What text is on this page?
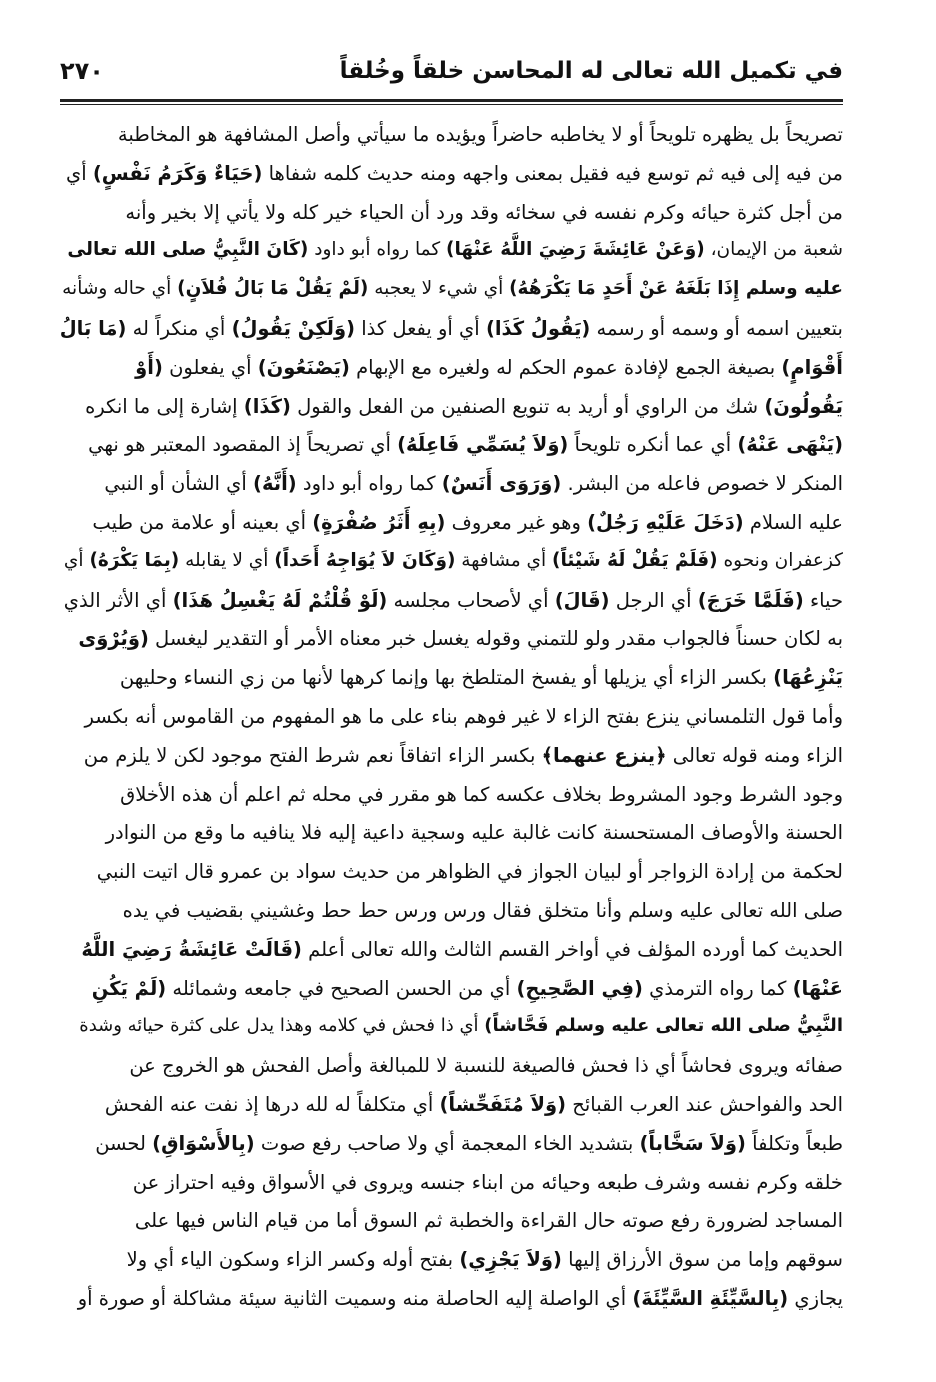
في تكميل الله تعالى له المحاسن خلقاً وخُلقاً
٢٧٠
تصريحاً بل يظهره تلويحاً أو لا يخاطبه حاضراً ويؤيده ما سيأتي وأصل المشافهة هو المخاطبة
من فيه إلى فيه ثم توسع فيه فقيل بمعنى واجهه ومنه حديث كلمه شفاها (حَيَاءٌ وَكَرَمُ نَفْسٍ) أي
من أجل كثرة حيائه وكرم نفسه في سخائه وقد ورد أن الحياء خير كله ولا يأتي إلا بخير وأنه
شعبة من الإيمان، (وَعَنْ عَائِشَةَ رَضِيَ اللَّهُ عَنْهَا) كما رواه أبو داود (كَانَ النَّبِيُّ صلى الله تعالى
عليه وسلم إِذَا بَلَغَهُ عَنْ أَحَدٍ مَا يَكْرَهُهُ) أي شيء لا يعجبه (لَمْ يَقُلْ مَا بَالُ فُلاَنٍ) أي حاله وشأنه
بتعيين اسمه أو وسمه أو رسمه (يَقُولُ كَذَا) أي أو يفعل كذا (وَلَكِنْ يَقُولُ) أي منكراً له (مَا بَالُ
أَقْوَامٍ) بصيغة الجمع لإفادة عموم الحكم له ولغيره مع الإبهام (يَصْنَعُونَ) أي يفعلون (أَوْ
يَقُولُونَ) شك من الراوي أو أريد به تنويع الصنفين من الفعل والقول (كَذَا) إشارة إلى ما انكره
(يَنْهَى عَنْهُ) أي عما أنكره تلويحاً (وَلاَ يُسَمِّي فَاعِلَهُ) أي تصريحاً إذ المقصود المعتبر هو نهي
المنكر لا خصوص فاعله من البشر. (وَرَوَى أَنَسٌ) كما رواه أبو داود (أَنَّهُ) أي الشأن أو النبي
عليه السلام (دَخَلَ عَلَيْهِ رَجُلٌ) وهو غير معروف (بِهِ أَثَرُ صُفْرَةٍ) أي بعينه أو علامة من طيب
كزعفران ونحوه (فَلَمْ يَقُلْ لَهُ شَيْئاً) أي مشافهة (وَكَانَ لاَ يُوَاجِهُ أَحَداً) أي لا يقابله (بِمَا يَكْرَهُ) أي
حياء (فَلَمَّا خَرَجَ) أي الرجل (قَالَ) أي لأصحاب مجلسه (لَوْ قُلْتُمْ لَهُ يَغْسِلُ هَذَا) أي الأثر الذي
به لكان حسناً فالجواب مقدر ولو للتمني وقوله يغسل خبر معناه الأمر أو التقدير ليغسل (وَيُرْوَى
يَنْزِعُهَا) بكسر الزاء أي يزيلها أو يفسخ المتلطخ بها وإنما كرهها لأنها من زي النساء وحليهن
وأما قول التلمساني ينزع بفتح الزاء لا غير فوهم بناء على ما هو المفهوم من القاموس أنه بكسر
الزاء ومنه قوله تعالى ﴿ينزع عنهما﴾ بكسر الزاء اتفاقاً نعم شرط الفتح موجود لكن لا يلزم من
وجود الشرط وجود المشروط بخلاف عكسه كما هو مقرر في محله ثم اعلم أن هذه الأخلاق
الحسنة والأوصاف المستحسنة كانت غالبة عليه وسجية داعية إليه فلا ينافيه ما وقع من النوادر
لحكمة من إرادة الزواجر أو لبيان الجواز في الظواهر من حديث سواد بن عمرو قال اتيت النبي
صلى الله تعالى عليه وسلم وأنا متخلق فقال ورس ورس حط حط وغشيني بقضيب في يده
الحديث كما أورده المؤلف في أواخر القسم الثالث والله تعالى أعلم (قَالَتْ عَائِشَةُ رَضِيَ اللَّهُ
عَنْهَا) كما رواه الترمذي (فِي الصَّحِيحِ) أي من الحسن الصحيح في جامعه وشمائله (لَمْ يَكُنِ
النَّبِيُّ صلى الله تعالى عليه وسلم فَحَّاشاً) أي ذا فحش في كلامه وهذا يدل على كثرة حيائه وشدة
صفائه ويروى فحاشاً أي ذا فحش فالصيغة للنسبة لا للمبالغة وأصل الفحش هو الخروج عن
الحد والفواحش عند العرب القبائح (وَلاَ مُتَفَحِّشاً) أي متكلفاً له لله درها إذ نفت عنه الفحش
طبعاً وتكلفاً (وَلاَ سَخَّاباً) بتشديد الخاء المعجمة أي ولا صاحب رفع صوت (بِالأَسْوَاقِ) لحسن
خلقه وكرم نفسه وشرف طبعه وحيائه من ابناء جنسه ويروى في الأسواق وفيه احتراز عن
المساجد لضرورة رفع صوته حال القراءة والخطبة ثم السوق أما من قيام الناس فيها على
سوقهم وإما من سوق الأرزاق إليها (وَلاَ يَجْزِي) بفتح أوله وكسر الزاء وسكون الياء أي ولا
يجازي (بِالسَّيِّئَةِ السَّيِّئَةَ) أي الواصلة إليه الحاصلة منه وسميت الثانية سيئة مشاكلة أو صورة أو
